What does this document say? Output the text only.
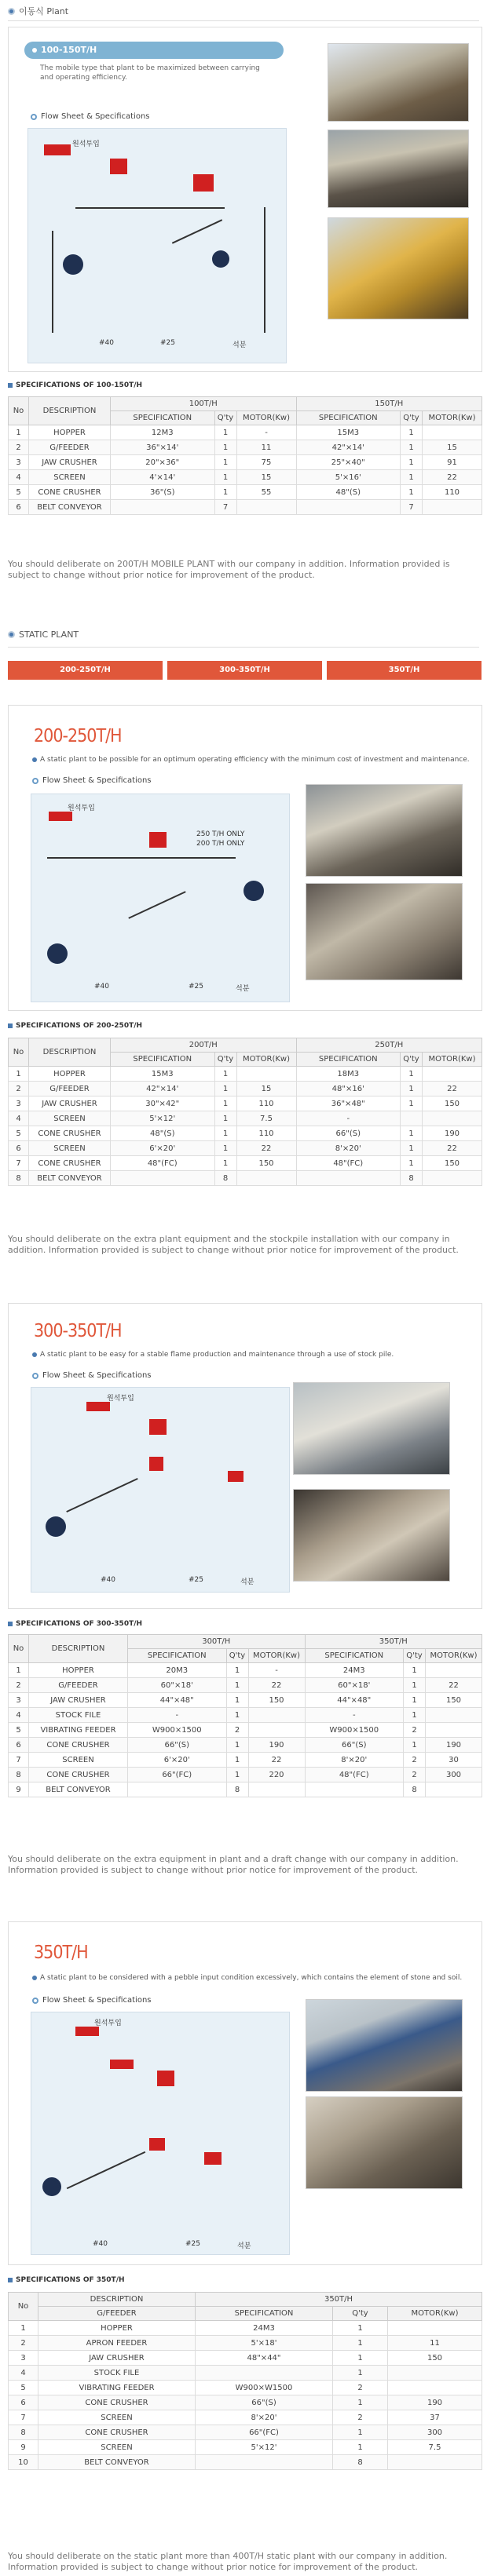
이동식 Plant
100-150T/H
The mobile type that plant to be maximized between carrying and operating efficiency.
Flow Sheet & Specifications
원석투입
#40	#25	석분
SPECIFICATIONS OF 100-150T/H
No	DESCRIPTION	100T/H			150T/H		
		SPECIFICATION	Q'ty	MOTOR(Kw)	SPECIFICATION	Q'ty	MOTOR(Kw)
1	HOPPER	12M3	1	-	15M3	1	
2	G/FEEDER	36"×14'	1	11	42"×14'	1	15
3	JAW CRUSHER	20"×36"	1	75	25"×40"	1	91
4	SCREEN	4'×14'	1	15	5'×16'	1	22
5	CONE CRUSHER	36"(S)	1	55	48"(S)	1	110
6	BELT CONVEYOR		7			7	
You should deliberate on 200T/H MOBILE PLANT with our company in addition. Information provided is subject to change without prior notice for improvement of the product.
STATIC PLANT
200-250T/H	300-350T/H	350T/H
200-250T/H
A static plant to be possible for an optimum operating efficiency with the minimum cost of investment and maintenance.
Flow Sheet & Specifications
원석투입
250 T/H ONLY
200 T/H ONLY
#40	#25	석분
SPECIFICATIONS OF 200-250T/H
No	DESCRIPTION	200T/H			250T/H		
		SPECIFICATION	Q'ty	MOTOR(Kw)	SPECIFICATION	Q'ty	MOTOR(Kw)
1	HOPPER	15M3	1		18M3	1	
2	G/FEEDER	42"×14'	1	15	48"×16'	1	22
3	JAW CRUSHER	30"×42"	1	110	36"×48"	1	150
4	SCREEN	5'×12'	1	7.5	-		
5	CONE CRUSHER	48"(S)	1	110	66"(S)	1	190
6	SCREEN	6'×20'	1	22	8'×20'	1	22
7	CONE CRUSHER	48"(FC)	1	150	48"(FC)	1	150
8	BELT CONVEYOR		8			8	
You should deliberate on the extra plant equipment and the stockpile installation with our company in addition. Information provided is subject to change without prior notice for improvement of the product.
300-350T/H
A static plant to be easy for a stable flame production and maintenance through a use of stock pile.
Flow Sheet & Specifications
원석투입
#40	#25	석분
SPECIFICATIONS OF 300-350T/H
No	DESCRIPTION	300T/H			350T/H		
		SPECIFICATION	Q'ty	MOTOR(Kw)	SPECIFICATION	Q'ty	MOTOR(Kw)
1	HOPPER	20M3	1	-	24M3	1	
2	G/FEEDER	60"×18'	1	22	60"×18'	1	22
3	JAW CRUSHER	44"×48"	1	150	44"×48"	1	150
4	STOCK FILE	-	1		-	1	
5	VIBRATING FEEDER	W900×1500	2		W900×1500	2	
6	CONE CRUSHER	66"(S)	1	190	66"(S)	1	190
7	SCREEN	6'×20'	1	22	8'×20'	2	30
8	CONE CRUSHER	66"(FC)	1	220	48"(FC)	2	300
9	BELT CONVEYOR		8			8	
You should deliberate on the extra equipment in plant and a draft change with our company in addition. Information provided is subject to change without prior notice for improvement of the product.
350T/H
A static plant to be considered with a pebble input condition excessively, which contains the element of stone and soil.
Flow Sheet & Specifications
원석투입
#40	#25	석분
SPECIFICATIONS OF 350T/H
No	DESCRIPTION	350T/H		
	G/FEEDER	SPECIFICATION	Q'ty	MOTOR(Kw)
1	HOPPER	24M3	1	
2	APRON FEEDER	5'×18'	1	11
3	JAW CRUSHER	48"×44"	1	150
4	STOCK FILE		1	
5	VIBRATING FEEDER	W900×W1500	2	
6	CONE CRUSHER	66"(S)	1	190
7	SCREEN	8'×20'	2	37
8	CONE CRUSHER	66"(FC)	1	300
9	SCREEN	5'×12'	1	7.5
10	BELT CONVEYOR		8	
You should deliberate on the static plant more than 400T/H static plant with our company in addition. Information provided is subject to change without prior notice for improvement of the product.
